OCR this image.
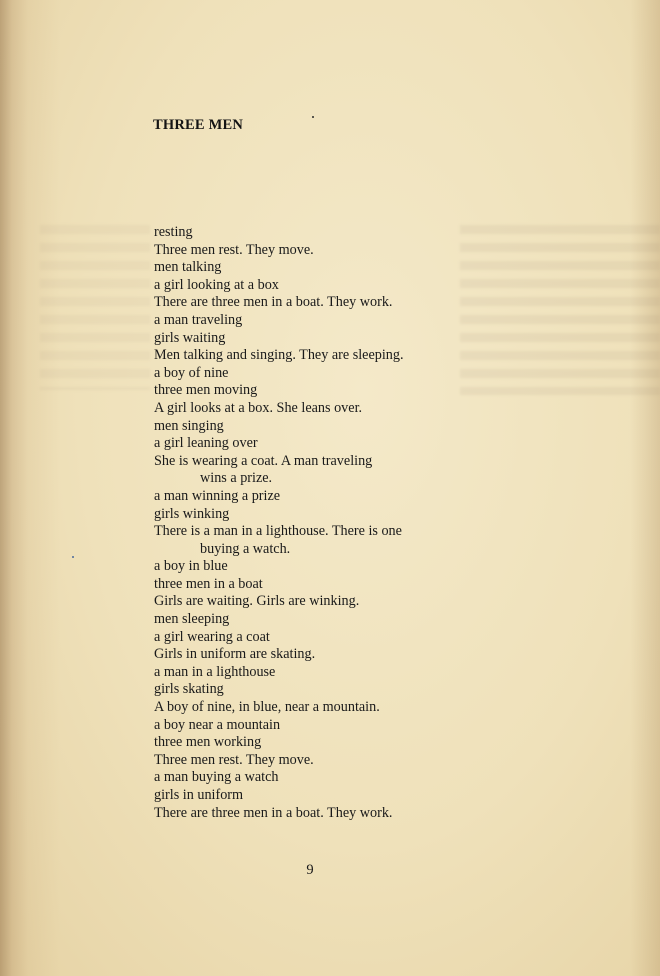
THREE MEN
resting
Three men rest. They move.
men talking
a girl looking at a box
There are three men in a boat. They work.
a man traveling
girls waiting
Men talking and singing. They are sleeping.
a boy of nine
three men moving
A girl looks at a box. She leans over.
men singing
a girl leaning over
She is wearing a coat. A man traveling
wins a prize.
a man winning a prize
girls winking
There is a man in a lighthouse. There is one
buying a watch.
a boy in blue
three men in a boat
Girls are waiting. Girls are winking.
men sleeping
a girl wearing a coat
Girls in uniform are skating.
a man in a lighthouse
girls skating
A boy of nine, in blue, near a mountain.
a boy near a mountain
three men working
Three men rest. They move.
a man buying a watch
girls in uniform
There are three men in a boat. They work.
9
